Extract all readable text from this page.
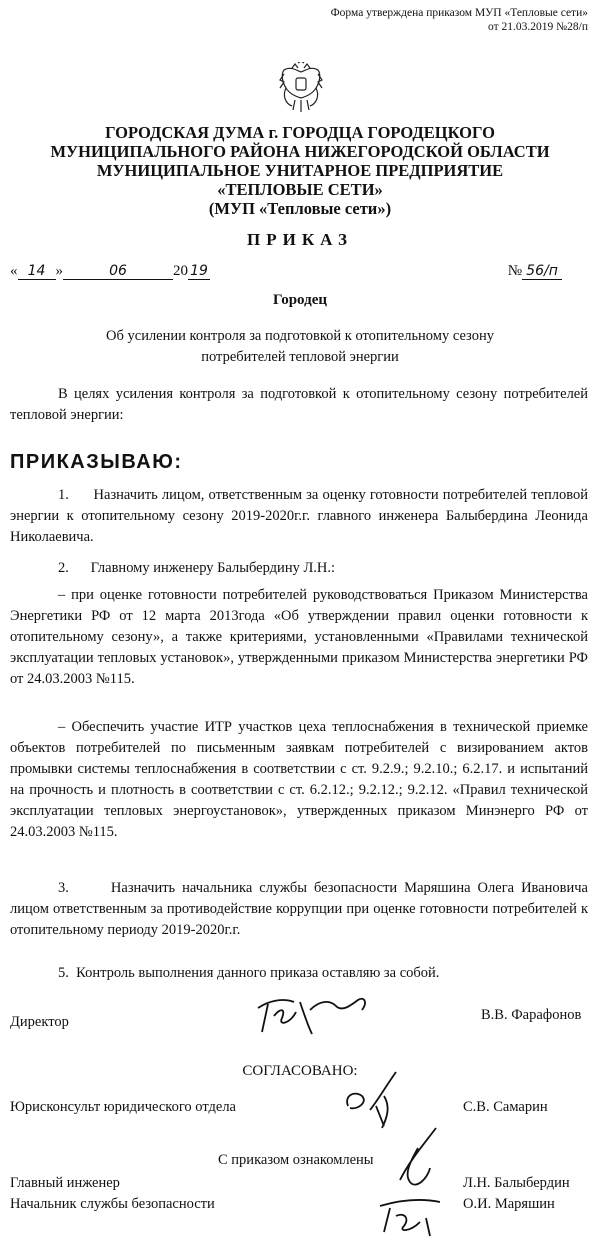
Форма утверждена приказом МУП «Тепловые сети»
от 21.03.2019 №28/п
ГОРОДСКАЯ ДУМА г. ГОРОДЦА ГОРОДЕЦКОГО
МУНИЦИПАЛЬНОГО РАЙОНА НИЖЕГОРОДСКОЙ ОБЛАСТИ
МУНИЦИПАЛЬНОЕ УНИТАРНОЕ ПРЕДПРИЯТИЕ
«ТЕПЛОВЫЕ СЕТИ»
(МУП «Тепловые сети»)
ПРИКАЗ
« 14 »	06	20 19	№ 56/п
Городец
Об усилении контроля за подготовкой к отопительному сезону
потребителей тепловой энергии
В целях усиления контроля за подготовкой к отопительному сезону потребителей тепловой энергии:
ПРИКАЗЫВАЮ:
1.      Назначить лицом, ответственным за оценку готовности потребителей тепловой энергии к отопительному сезону 2019-2020г.г. главного инженера Балыбердина Леонида Николаевича.
2.      Главному инженеру Балыбердину Л.Н.:
– при оценке готовности потребителей руководствоваться Приказом Министерства Энергетики РФ от 12 марта 2013года «Об утверждении правил оценки готовности к отопительному сезону», а также критериями, установленными «Правилами технической эксплуатации тепловых установок», утвержденными приказом Министерства энергетики РФ от 24.03.2003 №115.
– Обеспечить участие ИТР участков цеха теплоснабжения в технической приемке объектов потребителей по письменным заявкам потребителей с визированием актов промывки системы теплоснабжения в соответствии с ст. 9.2.9.; 9.2.10.; 6.2.17. и испытаний на прочность и плотность в соответствии с ст. 6.2.12.; 9.2.12.; 9.2.12. «Правил технической эксплуатации тепловых энергоустановок», утвержденных приказом Минэнерго РФ от 24.03.2003 №115.
3.      Назначить начальника службы безопасности Маряшина Олега Ивановича лицом ответственным за противодействие коррупции при оценке готовности потребителей к отопительному периоду 2019-2020г.г.
5.  Контроль выполнения данного приказа оставляю за собой.
Директор	В.В. Фарафонов
СОГЛАСОВАНО:
Юрисконсульт юридического отдела	С.В. Самарин
С приказом ознакомлены
Главный инженер	Л.Н. Балыбердин
Начальник службы безопасности	О.И. Маряшин
